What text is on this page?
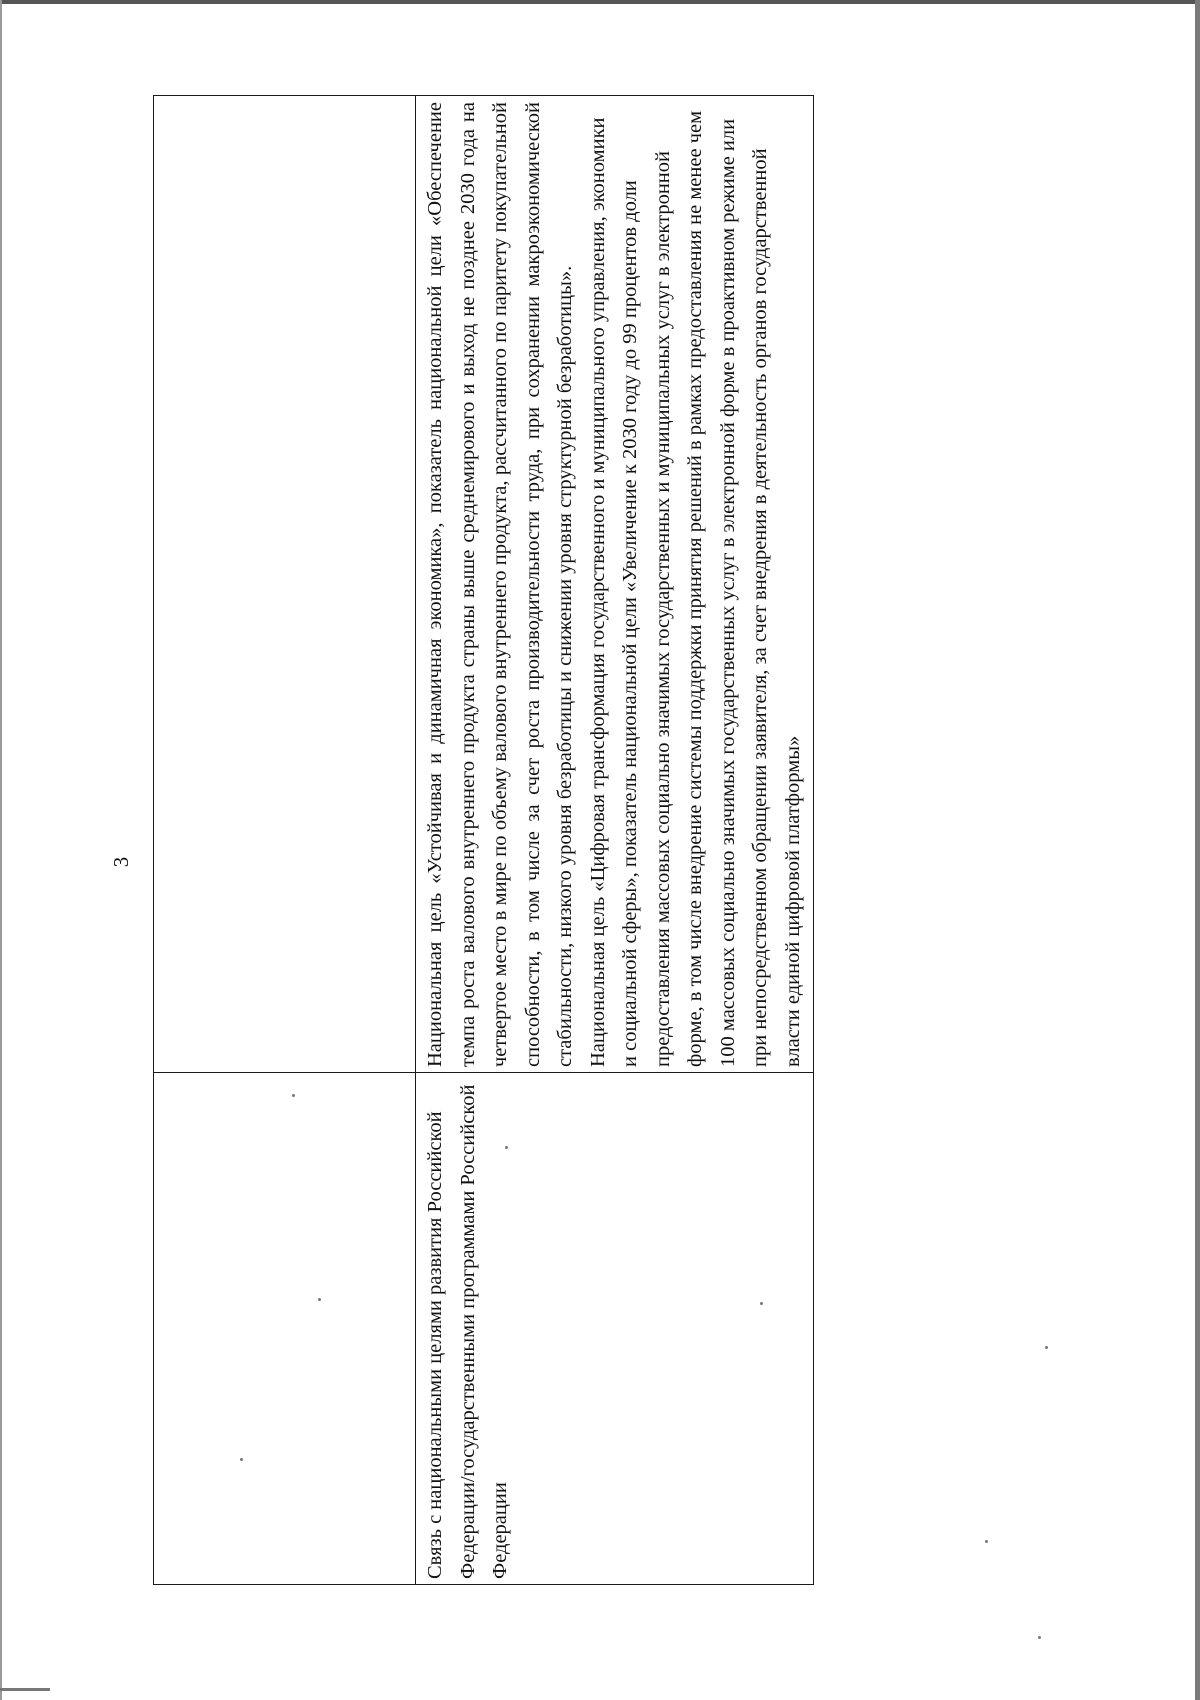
3

Связь с национальными целями развития Российской Федерации/государственными программами Российской Федерации	Национальная цель «Устойчивая и динамичная экономика», показатель национальной цели «Обеспечение темпа роста валового внутреннего продукта страны выше среднемирового и выход не позднее 2030 года на четвертое место в мире по объему валового внутреннего продукта, рассчитанного по паритету покупательной способности, в том числе за счет роста производительности труда, при сохранении макроэкономической стабильности, низкого уровня безработицы и снижении уровня структурной безработицы». Национальная цель «Цифровая трансформация государственного и муниципального управления, экономики и социальной сферы», показатель национальной цели «Увеличение к 2030 году до 99 процентов доли предоставления массовых социально значимых государственных и муниципальных услуг в электронной форме, в том числе внедрение системы поддержки принятия решений в рамках предоставления не менее чем 100 массовых социально значимых государственных услуг в электронной форме в проактивном режиме или при непосредственном обращении заявителя, за счет внедрения в деятельность органов государственной власти единой цифровой платформы»
